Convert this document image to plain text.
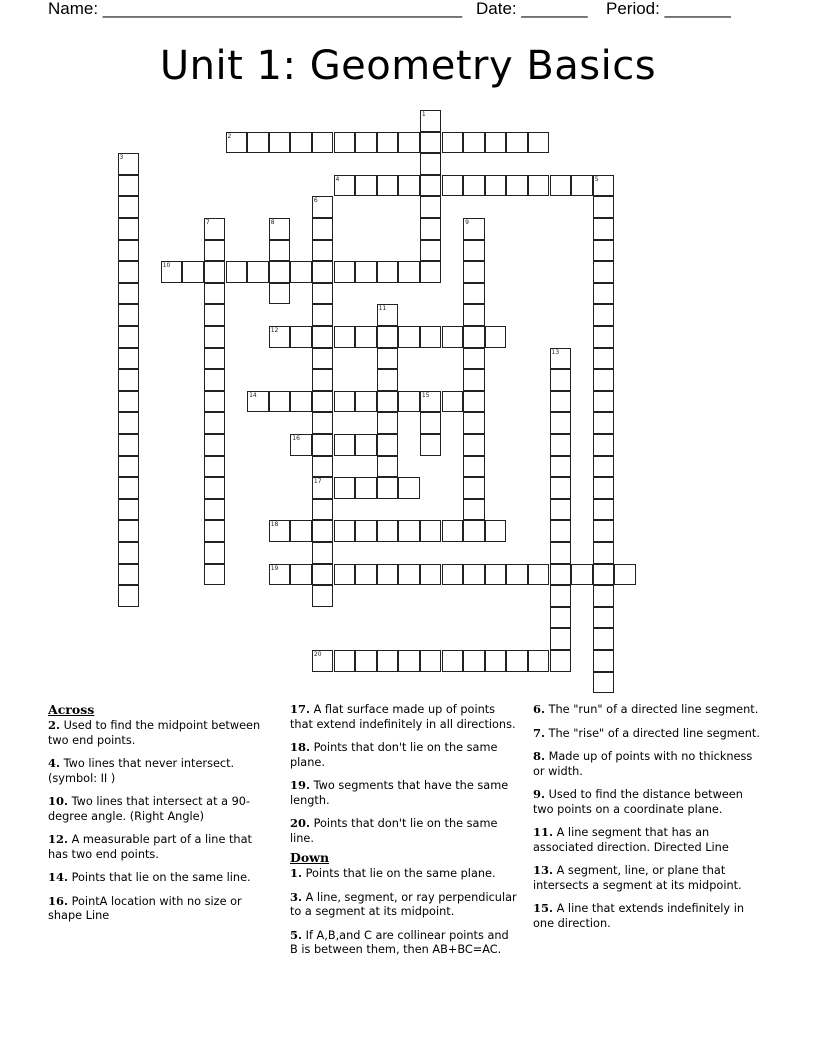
Name: ______________________________________ Date: _______ Period: _______
Unit 1: Geometry Basics
1
2
3
4	5
6
7	8	9
10
11
12
13
14	15
16
17
18
19
20
Across
2. Used to find the midpoint between two end points.
4. Two lines that never intersect. (symbol: II )
10. Two lines that intersect at a 90-degree angle. (Right Angle)
12. A measurable part of a line that has two end points.
14. Points that lie on the same line.
16. PointA location with no size or shape Line
17. A flat surface made up of points that extend indefinitely in all directions.
18. Points that don't lie on the same plane.
19. Two segments that have the same length.
20. Points that don't lie on the same line.
Down
1. Points that lie on the same plane.
3. A line, segment, or ray perpendicular to a segment at its midpoint.
5. If A,B,and C are collinear points and B is between them, then AB+BC=AC.
6. The "run" of a directed line segment.
7. The "rise" of a directed line segment.
8. Made up of points with no thickness or width.
9. Used to find the distance between two points on a coordinate plane.
11. A line segment that has an associated direction. Directed Line
13. A segment, line, or plane that intersects a segment at its midpoint.
15. A line that extends indefinitely in one direction.
